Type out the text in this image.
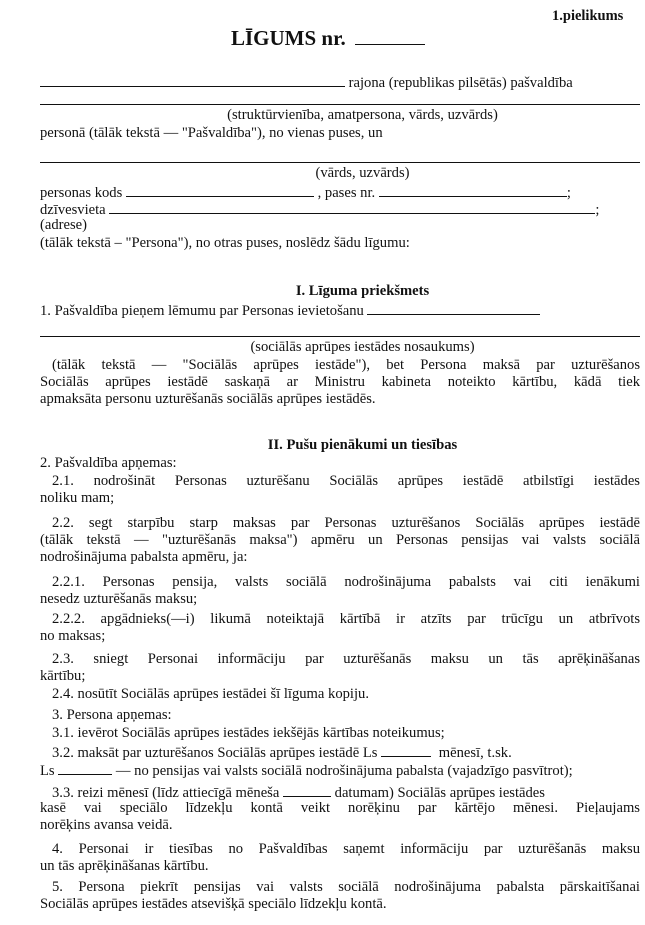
1.pielikums
LĪGUMS nr.
rajona (republikas pilsētās) pašvaldība
(struktūrvienība, amatpersona, vārds, uzvārds)
personā (tālāk tekstā — "Pašvaldība"), no vienas puses, un
(vārds, uzvārds)
personas kods	, pases nr.	;
dzīvesvieta	;
(adrese)
(tālāk tekstā – "Persona"), no otras puses, noslēdz šādu līgumu:
I. Līguma priekšmets
1. Pašvaldība pieņem lēmumu par Personas ievietošanu
(sociālās aprūpes iestādes nosaukums)
(tālāk tekstā — "Sociālās aprūpes iestāde"), bet Persona maksā par uzturēšanos
Sociālās aprūpes iestādē saskaņā ar Ministru kabineta noteikto kārtību, kādā tiek
apmaksāta personu uzturēšanās sociālās aprūpes iestādēs.
II. Pušu pienākumi un tiesības
2. Pašvaldība apņemas:
2.1. nodrošināt Personas uzturēšanu Sociālās aprūpes iestādē atbilstīgi iestādes
noliku mam;
2.2. segt starpību starp maksas par Personas uzturēšanos Sociālās aprūpes iestādē
(tālāk tekstā — "uzturēšanās maksa") apmēru un Personas pensijas vai valsts sociālā
nodrošinājuma pabalsta apmēru, ja:
2.2.1. Personas pensija, valsts sociālā nodrošinājuma pabalsts vai citi ienākumi
nesedz uzturēšanās maksu;
2.2.2. apgādnieks(—i) likumā noteiktajā kārtībā ir atzīts par trūcīgu un atbrīvots
no maksas;
2.3. sniegt Personai informāciju par uzturēšanās maksu un tās aprēķināšanas
kārtību;
2.4. nosūtīt Sociālās aprūpes iestādei šī līguma kopiju.
3. Persona apņemas:
3.1. ievērot Sociālās aprūpes iestādes iekšējās kārtības noteikumus;
3.2. maksāt par uzturēšanos Sociālās aprūpes iestādē Ls	mēnesī, t.sk.
Ls	— no pensijas vai valsts sociālā nodrošinājuma pabalsta (vajadzīgo pasvītrot);
3.3. reizi mēnesī (līdz attiecīgā mēneša	datumam) Sociālās aprūpes iestādes
kasē vai speciālo līdzekļu kontā veikt norēķinu par kārtējo mēnesi. Pieļaujams
norēķins avansa veidā.
4. Personai ir tiesības no Pašvaldības saņemt informāciju par uzturēšanās maksu
un tās aprēķināšanas kārtību.
5. Persona piekrīt pensijas vai valsts sociālā nodrošinājuma pabalsta pārskaitīšanai
Sociālās aprūpes iestādes atsevišķā speciālo līdzekļu kontā.
